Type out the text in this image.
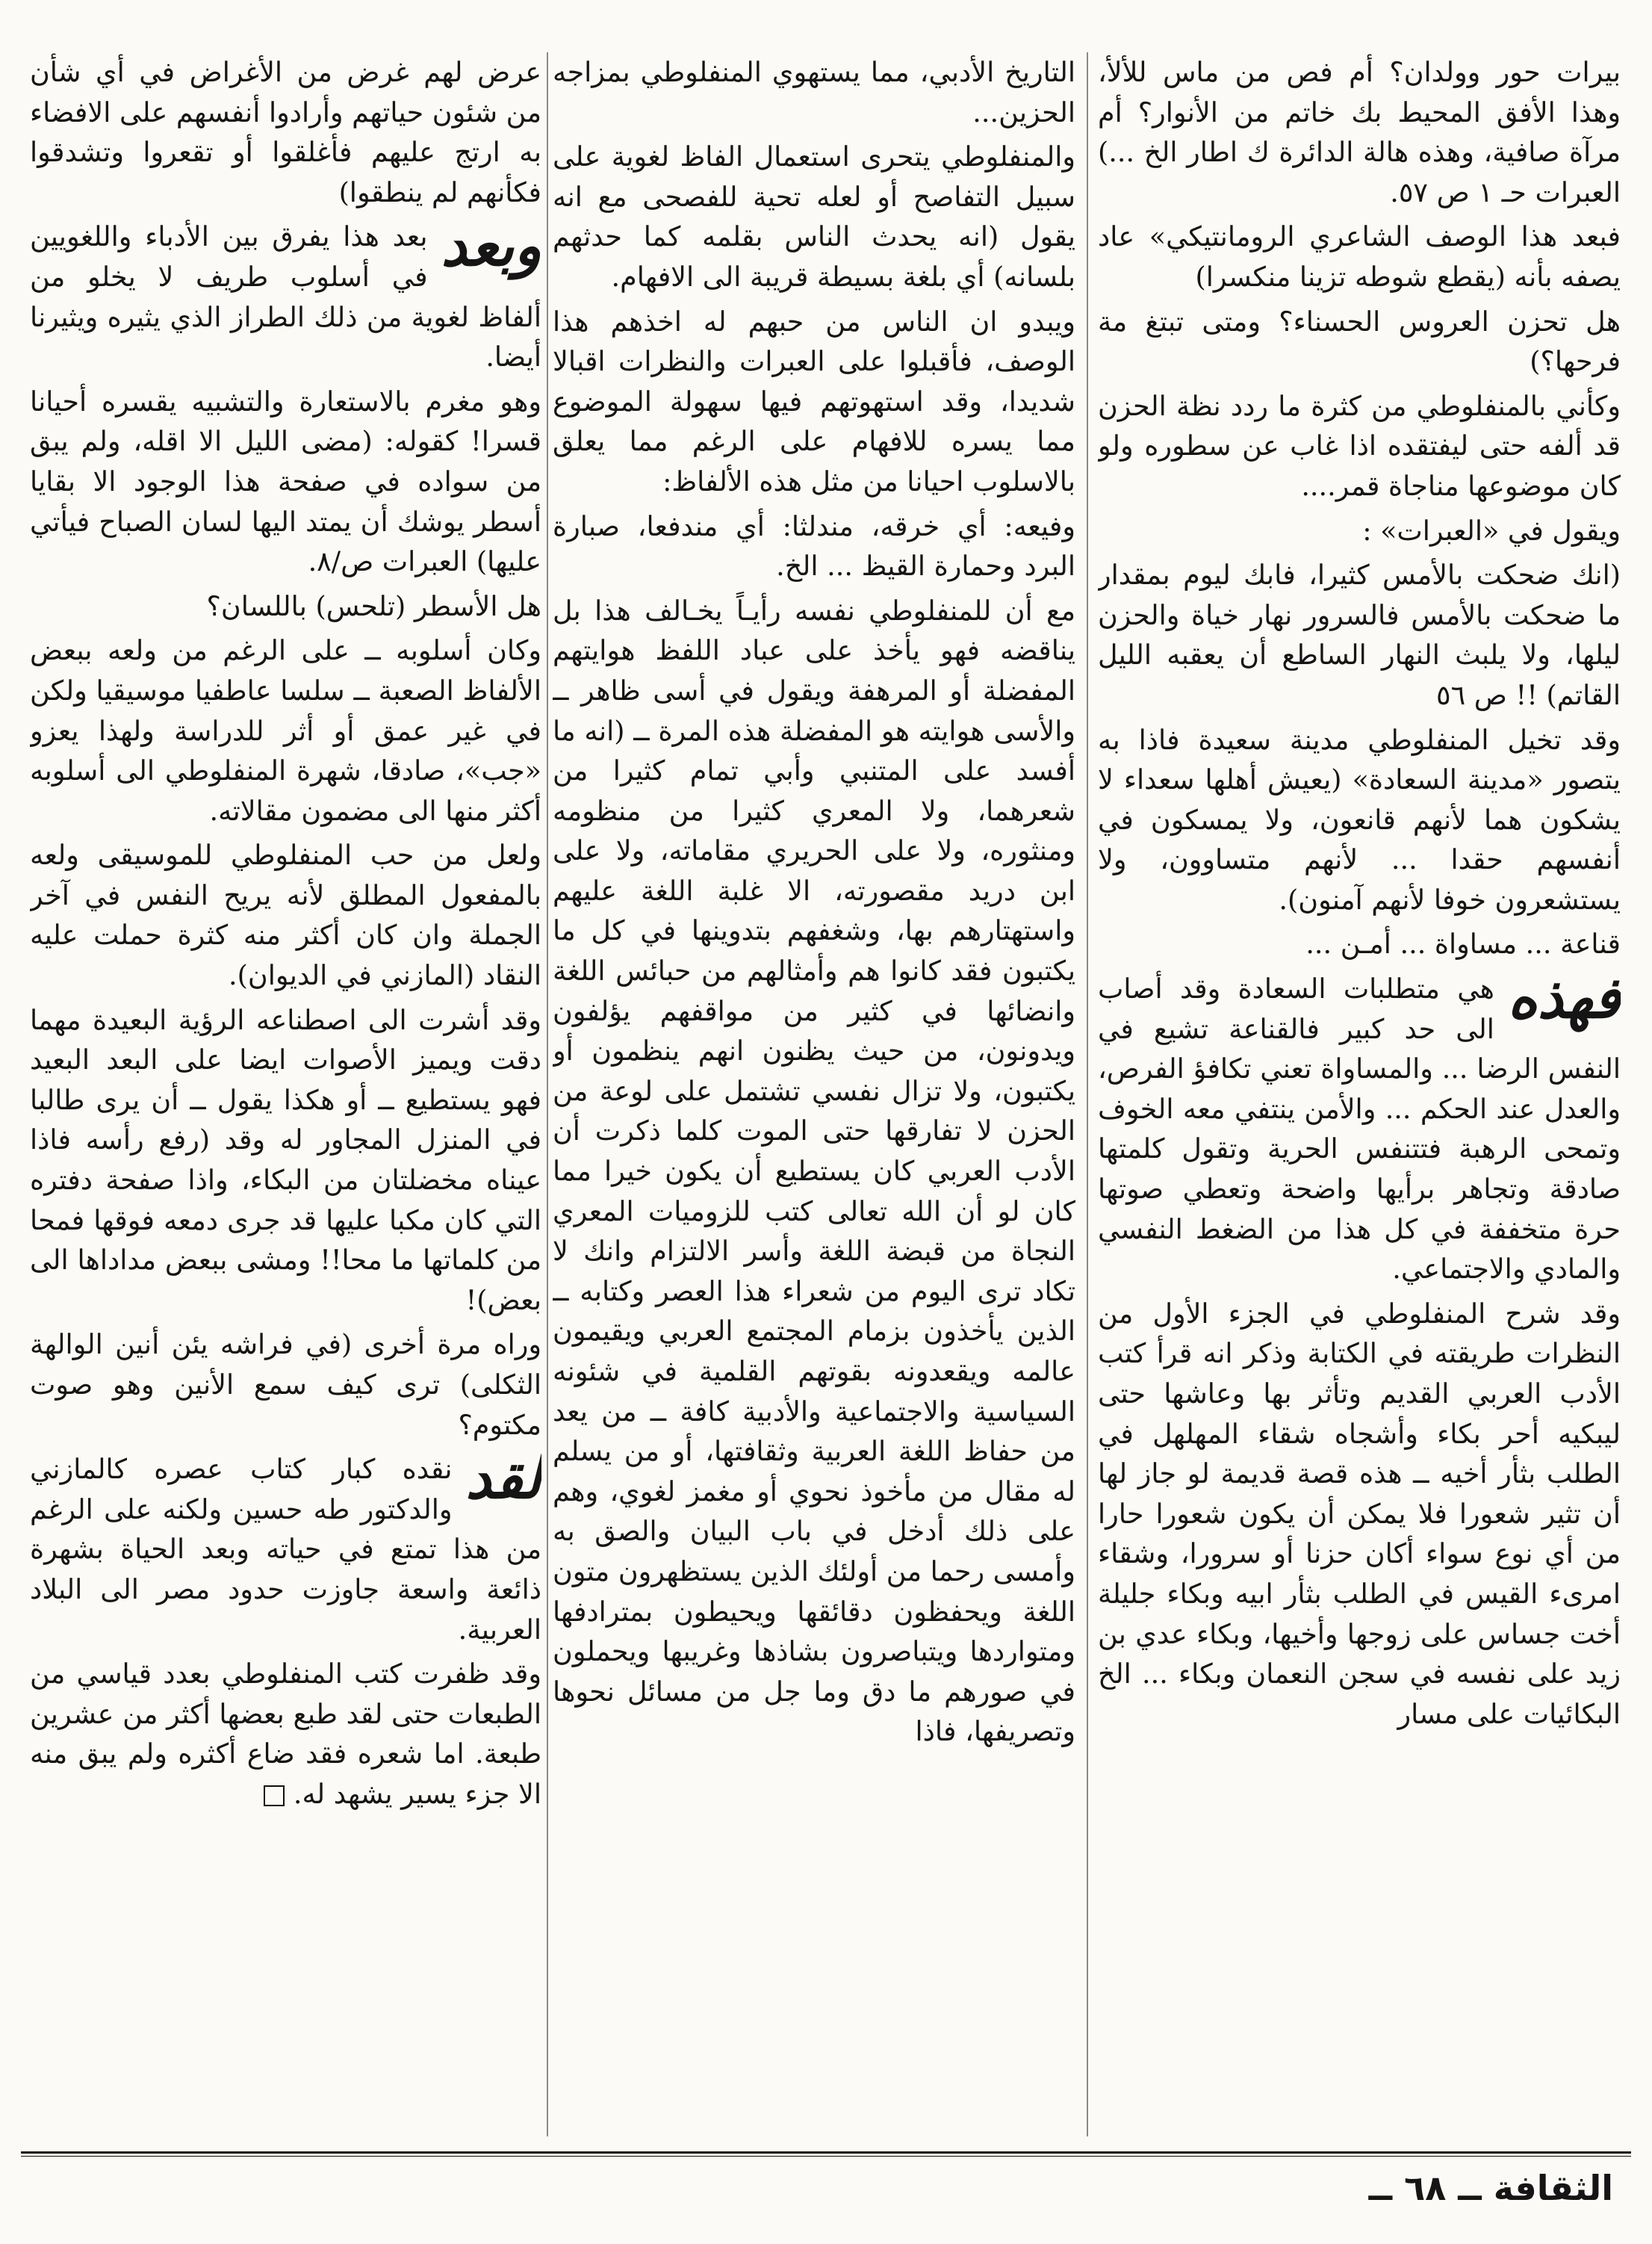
بيرات حور وولدان؟ أم فص من ماس للألأ، وهذا الأفق المحيط بك خاتم من الأنوار؟ أم مرآة صافية، وهذه هالة الدائرة ك اطار الخ ...) العبرات حـ ١ ص ٥٧.

فبعد هذا الوصف الشاعري الرومانتيكي» عاد يصفه بأنه (يقطع شوطه تزينا منكسرا)

هل تحزن العروس الحسناء؟ ومتى تبتغ مة فرحها؟)

وكأني بالمنفلوطي من كثرة ما ردد نظة الحزن قد ألفه حتى ليفتقده اذا غاب عن سطوره ولو كان موضوعها مناجاة قمر....

ويقول في «العبرات» :

(انك ضحكت بالأمس كثيرا، فابك ليوم بمقدار ما ضحكت بالأمس فالسرور نهار خياة والحزن ليلها، ولا يلبث النهار الساطع أن يعقبه الليل القاتم) !! ص ٥٦

وقد تخيل المنفلوطي مدينة سعيدة فاذا به يتصور «مدينة السعادة» (يعيش أهلها سعداء لا يشكون هما لأنهم قانعون، ولا يمسكون في أنفسهم حقدا ... لأنهم متساوون، ولا يستشعرون خوفا لأنهم آمنون).

قناعة ... مساواة ... أمـن ...

فهذه
هي متطلبات السعادة وقد أصاب الى حد كبير فالقناعة تشيع في النفس الرضا ... والمساواة تعني تكافؤ الفرص، والعدل عند الحكم ... والأمن ينتفي معه الخوف وتمحى الرهبة فتتنفس الحرية وتقول كلمتها صادقة وتجاهر برأيها واضحة وتعطي صوتها حرة متخففة في كل هذا من الضغط النفسي والمادي والاجتماعي.

وقد شرح المنفلوطي في الجزء الأول من النظرات طريقته في الكتابة وذكر انه قرأ كتب الأدب العربي القديم وتأثر بها وعاشها حتى ليبكيه أحر بكاء وأشجاه شقاء المهلهل في الطلب بثأر أخيه ــ هذه قصة قديمة لو جاز لها أن تثير شعورا فلا يمكن أن يكون شعورا حارا من أي نوع سواء أكان حزنا أو سرورا، وشقاء امرىء القيس في الطلب بثأر ابيه وبكاء جليلة أخت جساس على زوجها وأخيها، وبكاء عدي بن زيد على نفسه في سجن النعمان وبكاء ... الخ البكائيات على مسار

التاريخ الأدبي، مما يستهوي المنفلوطي بمزاجه الحزين...

والمنفلوطي يتحرى استعمال الفاظ لغوية على سبيل التفاصح أو لعله تحية للفصحى مع انه يقول (انه يحدث الناس بقلمه كما حدثهم بلسانه) أي بلغة بسيطة قريبة الى الافهام.

ويبدو ان الناس من حبهم له اخذهم هذا الوصف، فأقبلوا على العبرات والنظرات اقبالا شديدا، وقد استهوتهم فيها سهولة الموضوع مما يسره للافهام على الرغم مما يعلق بالاسلوب احيانا من مثل هذه الألفاظ:

وفيعه: أي خرقه، مندلثا: أي مندفعا، صبارة البرد وحمارة القيظ ... الخ.

مع أن للمنفلوطي نفسه رأيـاً يخـالف هذا بل يناقضه فهو يأخذ على عباد اللفظ هوايتهم المفضلة أو المرهفة ويقول في أسى ظاهر ــ والأسى هوايته هو المفضلة هذه المرة ــ (انه ما أفسد على المتنبي وأبي تمام كثيرا من شعرهما، ولا المعري كثيرا من منظومه ومنثوره، ولا على الحريري مقاماته، ولا على ابن دريد مقصورته، الا غلبة اللغة عليهم واستهتارهم بها، وشغفهم بتدوينها في كل ما يكتبون فقد كانوا هم وأمثالهم من حبائس اللغة وانضائها في كثير من مواقفهم يؤلفون ويدونون، من حيث يظنون انهم ينظمون أو يكتبون، ولا تزال نفسي تشتمل على لوعة من الحزن لا تفارقها حتى الموت كلما ذكرت أن الأدب العربي كان يستطيع أن يكون خيرا مما كان لو أن الله تعالى كتب للزوميات المعري النجاة من قبضة اللغة وأسر الالتزام وانك لا تكاد ترى اليوم من شعراء هذا العصر وكتابه ــ الذين يأخذون بزمام المجتمع العربي ويقيمون عالمه ويقعدونه بقوتهم القلمية في شئونه السياسية والاجتماعية والأدبية كافة ــ من يعد من حفاظ اللغة العربية وثقافتها، أو من يسلم له مقال من مأخوذ نحوي أو مغمز لغوي، وهم على ذلك أدخل في باب البيان والصق به وأمسى رحما من أولئك الذين يستظهرون متون اللغة ويحفظون دقائقها ويحيطون بمترادفها ومتواردها ويتباصرون بشاذها وغريبها ويحملون في صورهم ما دق وما جل من مسائل نحوها وتصريفها، فاذا

عرض لهم غرض من الأغراض في أي شأن من شئون حياتهم وأرادوا أنفسهم على الافضاء به ارتج عليهم فأغلقوا أو تقعروا وتشدقوا فكأنهم لم ينطقوا)

وبعد
بعد هذا يفرق بين الأدباء واللغويين في أسلوب طريف لا يخلو من ألفاظ لغوية من ذلك الطراز الذي يثيره ويثيرنا أيضا.

وهو مغرم بالاستعارة والتشبيه يقسره أحيانا قسرا! كقوله: (مضى الليل الا اقله، ولم يبق من سواده في صفحة هذا الوجود الا بقايا أسطر يوشك أن يمتد اليها لسان الصباح فيأتي عليها) العبرات ص/٨.

هل الأسطر (تلحس) باللسان؟

وكان أسلوبه ــ على الرغم من ولعه ببعض الألفاظ الصعبة ــ سلسا عاطفيا موسيقيا ولكن في غير عمق أو أثر للدراسة ولهذا يعزو «جب»، صادقا، شهرة المنفلوطي الى أسلوبه أكثر منها الى مضمون مقالاته.

ولعل من حب المنفلوطي للموسيقى ولعه بالمفعول المطلق لأنه يريح النفس في آخر الجملة وان كان أكثر منه كثرة حملت عليه النقاد (المازني في الديوان).

وقد أشرت الى اصطناعه الرؤية البعيدة مهما دقت ويميز الأصوات ايضا على البعد البعيد فهو يستطيع ــ أو هكذا يقول ــ أن يرى طالبا في المنزل المجاور له وقد (رفع رأسه فاذا عيناه مخضلتان من البكاء، واذا صفحة دفتره التي كان مكبا عليها قد جرى دمعه فوقها فمحا من كلماتها ما محا!! ومشى ببعض مداداها الى بعض)!

وراه مرة أخرى (في فراشه يئن أنين الوالهة الثكلى) ترى كيف سمع الأنين وهو صوت مكتوم؟

لقد
نقده كبار كتاب عصره كالمازني والدكتور طه حسين ولكنه على الرغم من هذا تمتع في حياته وبعد الحياة بشهرة ذائعة واسعة جاوزت حدود مصر الى البلاد العربية.

وقد ظفرت كتب المنفلوطي بعدد قياسي من الطبعات حتى لقد طبع بعضها أكثر من عشرين طبعة. اما شعره فقد ضاع أكثره ولم يبق منه الا جزء يسير يشهد له.

الثقافة ــ ٦٨ ــ
